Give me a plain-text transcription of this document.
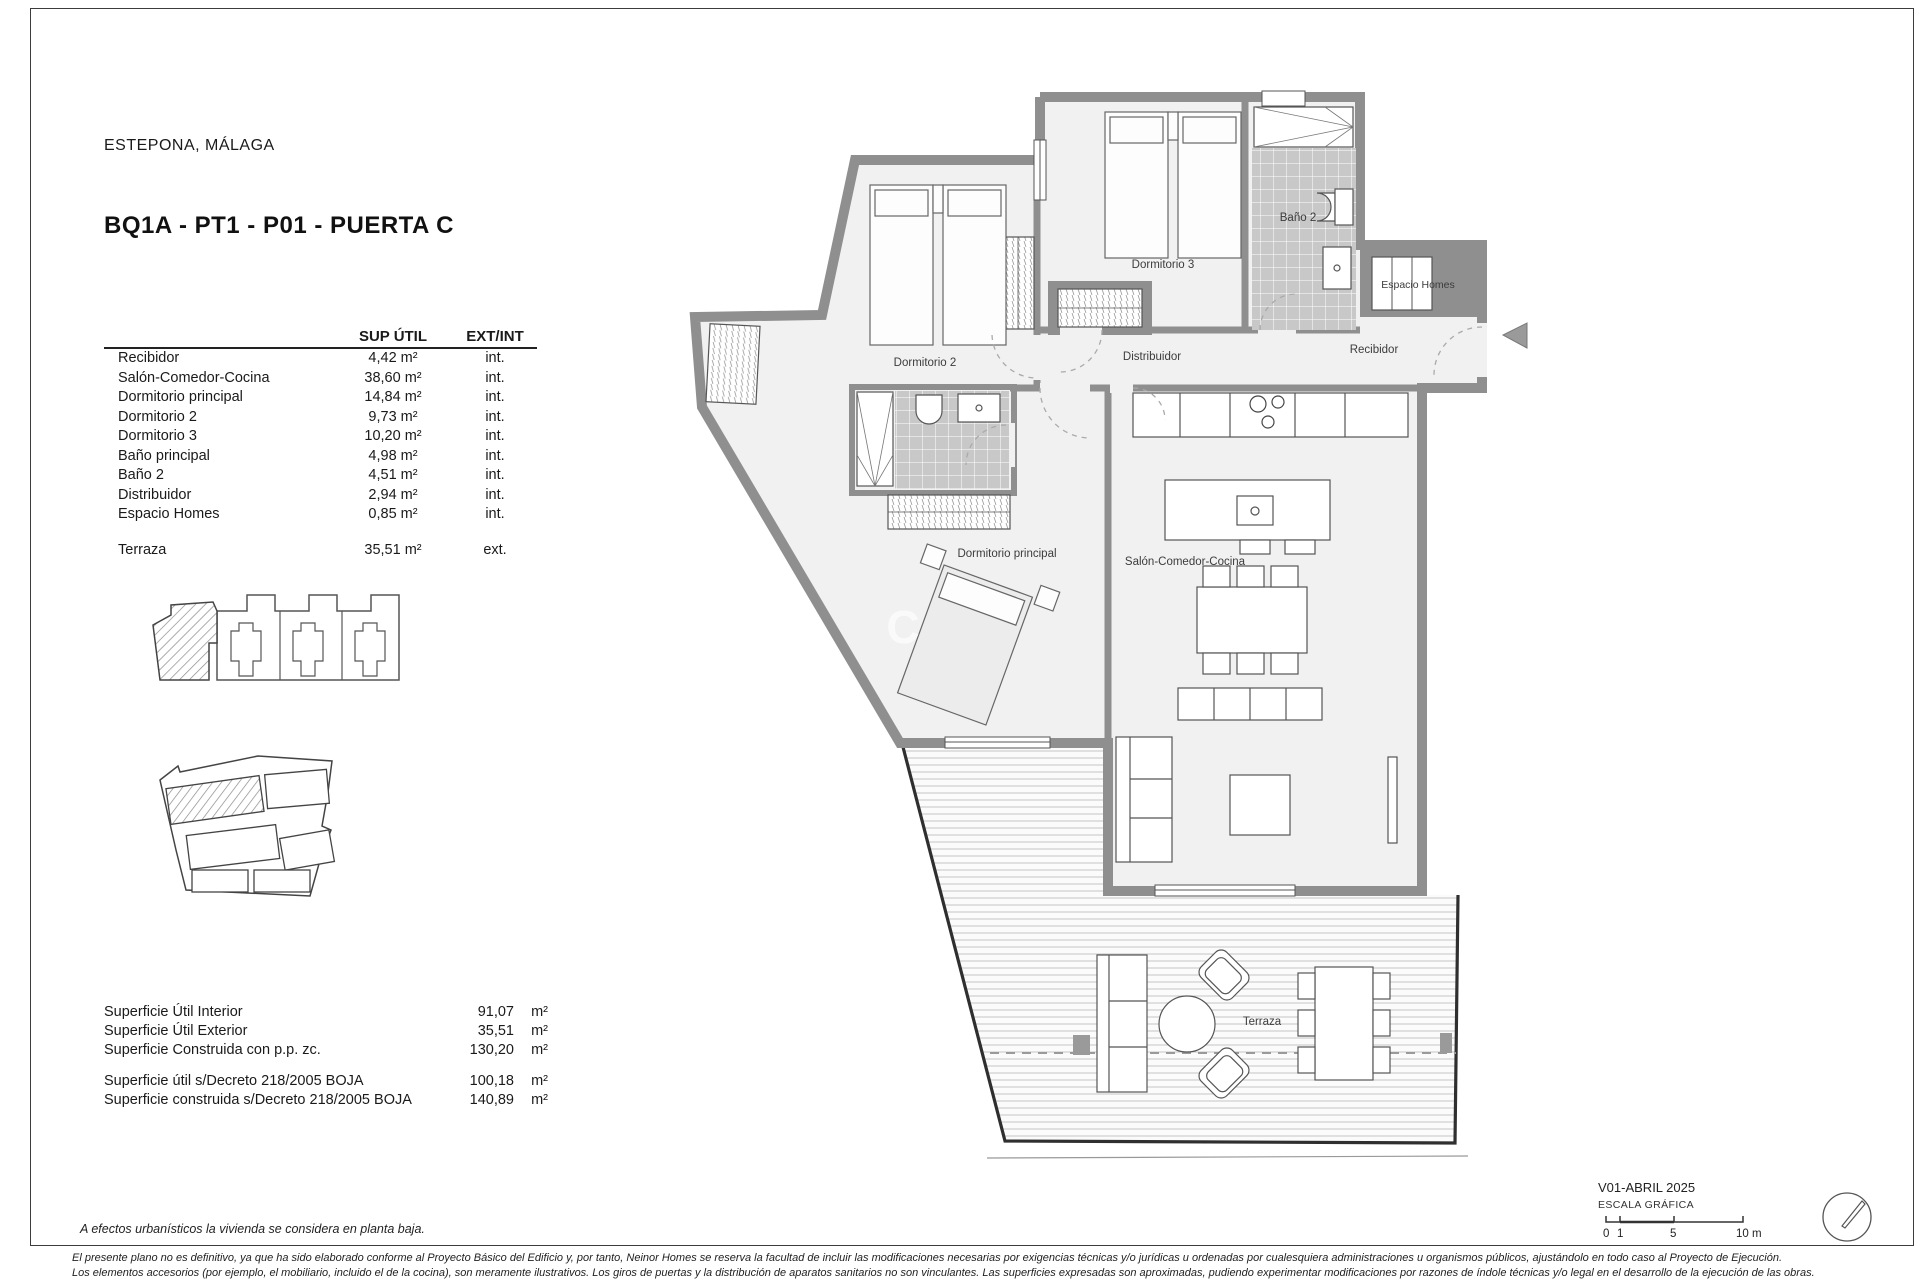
ESTEPONA, MÁLAGA
BQ1A - PT1 - P01 - PUERTA C
	SUP ÚTIL	EXT/INT
Recibidor	4,42 m²	int.
Salón-Comedor-Cocina	38,60 m²	int.
Dormitorio principal	14,84 m²	int.
Dormitorio 2	9,73 m²	int.
Dormitorio 3	10,20 m²	int.
Baño principal	4,98 m²	int.
Baño 2	4,51 m²	int.
Distribuidor	2,94 m²	int.
Espacio Homes	0,85 m²	int.

Terraza	35,51 m²	ext.
Superficie Útil Interior	91,07	m²
Superficie Útil Exterior	35,51	m²
Superficie Construida con p.p. zc.	130,20	m²

Superficie útil s/Decreto 218/2005 BOJA	100,18	m²
Superficie construida s/Decreto 218/2005 BOJA	140,89	m²
C
Dormitorio 2
Dormitorio 3
Baño 2
Espacio Homes
Recibidor
Distribuidor
Dormitorio principal
Salón-Comedor-Cocina
Terraza
A efectos urbanísticos la vivienda se considera en planta baja.
El presente plano no es definitivo, ya que ha sido elaborado conforme al Proyecto Básico del Edificio y, por tanto, Neinor Homes se reserva la facultad de incluir las modificaciones necesarias por exigencias técnicas y/o jurídicas u ordenadas por cualesquiera administraciones u organismos públicos, ajustándolo en todo caso al Proyecto de Ejecución.
Los elementos accesorios (por ejemplo, el mobiliario, incluido el de la cocina), son meramente ilustrativos. Los giros de puertas y la distribución de aparatos sanitarios no son vinculantes. Las superficies expresadas son aproximadas, pudiendo experimentar modificaciones por razones de índole técnicas y/o legal en el desarrollo de la ejecución de las obras.
V01-ABRIL 2025
ESCALA GRÁFICA
0 1	5	10 m
